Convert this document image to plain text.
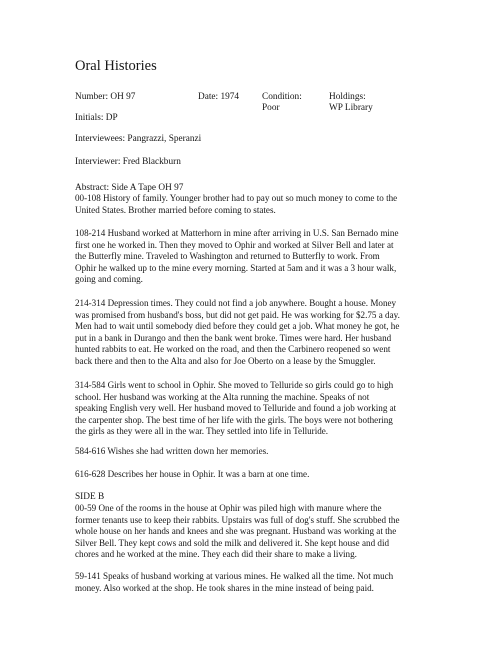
Oral Histories
Number: OH 97	Date: 1974 Condition:
Poor
Holdings:
WP Library
Initials: DP
Interviewees: Pangrazzi, Speranzi
Interviewer: Fred Blackburn
Abstract: Side A Tape OH 97
00-108 History of family. Younger brother had to pay out so much money to come to the
United States. Brother married before coming to states.
108-214 Husband worked at Matterhorn in mine after arriving in U.S. San Bernado mine
first one he worked in. Then they moved to Ophir and worked at Silver Bell and later at
the Butterfly mine. Traveled to Washington and returned to Butterfly to work. From
Ophir he walked up to the mine every morning. Started at 5am and it was a 3 hour walk,
going and coming.
214-314 Depression times. They could not find a job anywhere. Bought a house. Money
was promised from husband's boss, but did not get paid. He was working for $2.75 a day.
Men had to wait until somebody died before they could get a job. What money he got, he
put in a bank in Durango and then the bank went broke. Times were hard. Her husband
hunted rabbits to eat. He worked on the road, and then the Carbinero reopened so went
back there and then to the Alta and also for Joe Oberto on a lease by the Smuggler.
314-584 Girls went to school in Ophir. She moved to Telluride so girls could go to high
school. Her husband was working at the Alta running the machine. Speaks of not
speaking English very well. Her husband moved to Telluride and found a job working at
the carpenter shop. The best time of her life with the girls. The boys were not bothering
the girls as they were all in the war. They settled into life in Telluride.
584-616 Wishes she had written down her memories.
616-628 Describes her house in Ophir. It was a barn at one time.
SIDE B
00-59 One of the rooms in the house at Ophir was piled high with manure where the
former tenants use to keep their rabbits. Upstairs was full of dog's stuff. She scrubbed the
whole house on her hands and knees and she was pregnant. Husband was working at the
Silver Bell. They kept cows and sold the milk and delivered it. She kept house and did
chores and he worked at the mine. They each did their share to make a living.
59-141 Speaks of husband working at various mines. He walked all the time. Not much
money. Also worked at the shop. He took shares in the mine instead of being paid.
